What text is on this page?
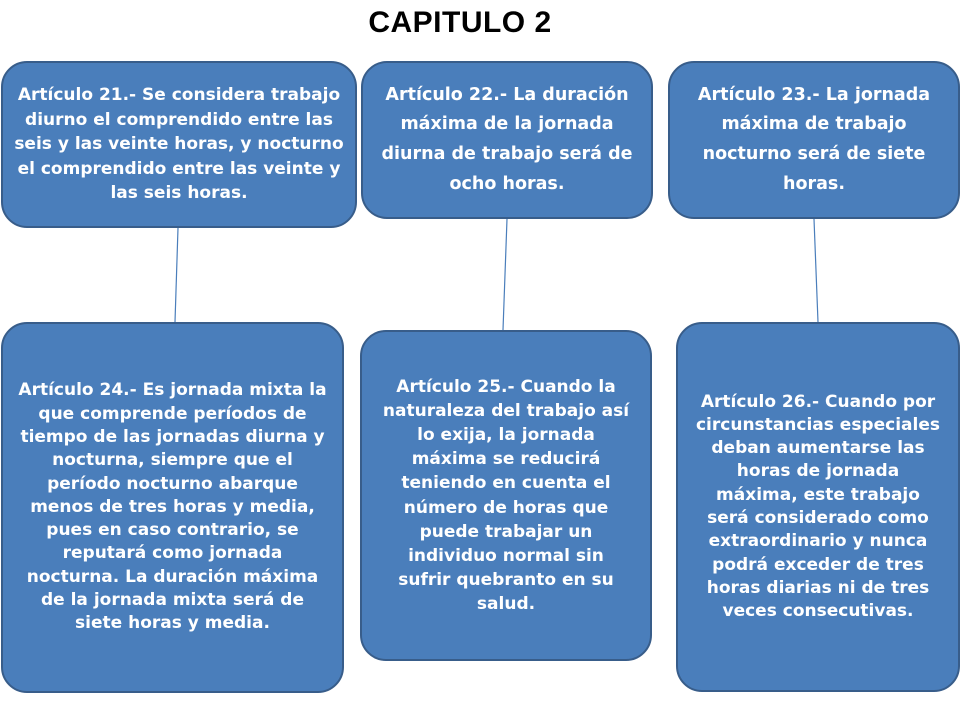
CAPITULO 2
Artículo 21.- Se considera trabajo diurno el comprendido entre las seis y las veinte horas, y nocturno el comprendido entre las veinte y las seis horas.
Artículo 22.- La duración máxima de la jornada diurna de trabajo será de ocho horas.
Artículo 23.- La jornada máxima de trabajo nocturno será de siete horas.
Artículo 24.- Es jornada mixta la que comprende períodos de tiempo de las jornadas diurna y nocturna, siempre que el período nocturno abarque menos de tres horas y media, pues en caso contrario, se reputará como jornada nocturna. La duración máxima de la jornada mixta será de siete horas y media.
Artículo 25.- Cuando la naturaleza del trabajo así lo exija, la jornada máxima se reducirá teniendo en cuenta el número de horas que puede trabajar un individuo normal sin sufrir quebranto en su salud.
Artículo 26.- Cuando por circunstancias especiales deban aumentarse las horas de jornada máxima, este trabajo será considerado como extraordinario y nunca podrá exceder de tres horas diarias ni de tres veces consecutivas.
